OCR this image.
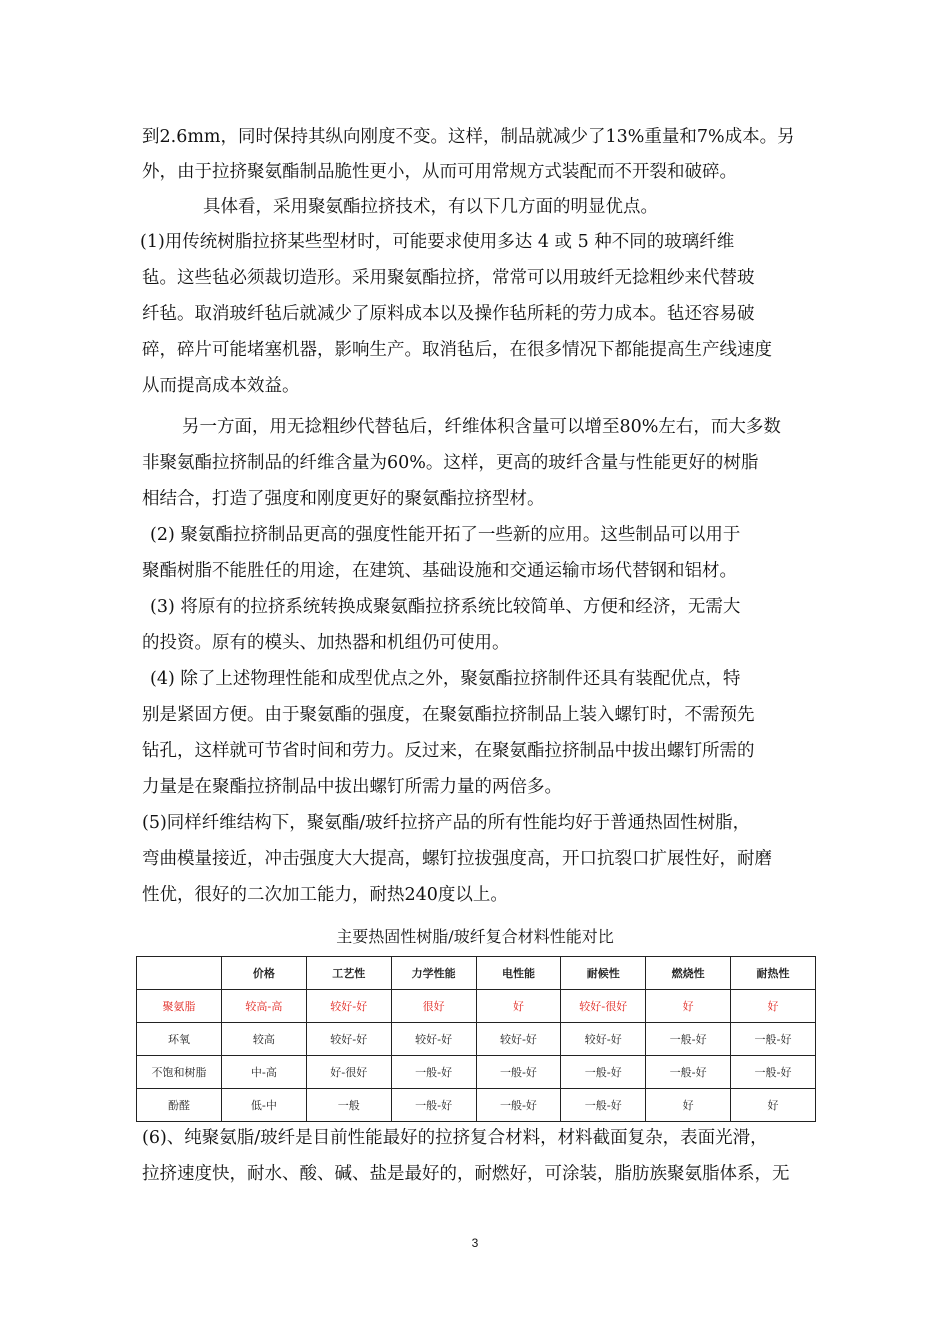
到2.6mm，同时保持其纵向刚度不变。这样，制品就减少了13%重量和7%成本。另
外，由于拉挤聚氨酯制品脆性更小，从而可用常规方式装配而不开裂和破碎。
具体看，采用聚氨酯拉挤技术，有以下几方面的明显优点。
(1)用传统树脂拉挤某些型材时，可能要求使用多达 4 或 5 种不同的玻璃纤维
毡。这些毡必须裁切造形。采用聚氨酯拉挤，常常可以用玻纤无捻粗纱来代替玻
纤毡。取消玻纤毡后就减少了原料成本以及操作毡所耗的劳力成本。毡还容易破
碎，碎片可能堵塞机器，影响生产。取消毡后，在很多情况下都能提高生产线速度
从而提高成本效益。
另一方面，用无捻粗纱代替毡后，纤维体积含量可以增至80%左右，而大多数
非聚氨酯拉挤制品的纤维含量为60%。这样，更高的玻纤含量与性能更好的树脂
相结合，打造了强度和刚度更好的聚氨酯拉挤型材。
(2) 聚氨酯拉挤制品更高的强度性能开拓了一些新的应用。这些制品可以用于
聚酯树脂不能胜任的用途，在建筑、基础设施和交通运输市场代替钢和铝材。
(3) 将原有的拉挤系统转换成聚氨酯拉挤系统比较简单、方便和经济，无需大
的投资。原有的模头、加热器和机组仍可使用。
(4) 除了上述物理性能和成型优点之外，聚氨酯拉挤制件还具有装配优点，特
别是紧固方便。由于聚氨酯的强度，在聚氨酯拉挤制品上装入螺钉时，不需预先
钻孔，这样就可节省时间和劳力。反过来，在聚氨酯拉挤制品中拔出螺钉所需的
力量是在聚酯拉挤制品中拔出螺钉所需力量的两倍多。
(5)同样纤维结构下，聚氨酯/玻纤拉挤产品的所有性能均好于普通热固性树脂，
弯曲模量接近，冲击强度大大提高，螺钉拉拔强度高，开口抗裂口扩展性好，耐磨
性优，很好的二次加工能力，耐热240度以上。
主要热固性树脂/玻纤复合材料性能对比
	价格	工艺性	力学性能	电性能	耐候性	燃烧性	耐热性
聚氨脂	较高-高	较好-好	很好	好	较好-很好	好	好
环氧	较高	较好-好	较好-好	较好-好	较好-好	一般-好	一般-好
不饱和树脂	中-高	好-很好	一般-好	一般-好	一般-好	一般-好	一般-好
酚醛	低-中	一般	一般-好	一般-好	一般-好	好	好
(6)、纯聚氨脂/玻纤是目前性能最好的拉挤复合材料，材料截面复杂，表面光滑，
拉挤速度快，耐水、酸、碱、盐是最好的，耐燃好，可涂装，脂肪族聚氨脂体系，无
3
